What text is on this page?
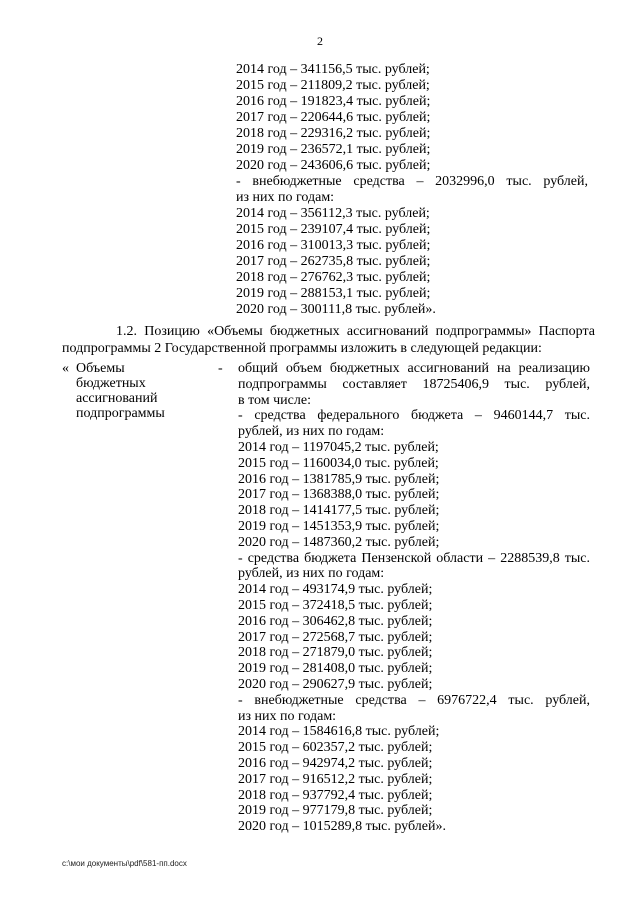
2
2014 год – 341156,5 тыс. рублей;
2015 год – 211809,2 тыс. рублей;
2016 год – 191823,4 тыс. рублей;
2017 год – 220644,6 тыс. рублей;
2018 год – 229316,2 тыс. рублей;
2019 год – 236572,1 тыс. рублей;
2020 год – 243606,6 тыс. рублей;
- внебюджетные средства – 2032996,0 тыс. рублей,
из них по годам:
2014 год – 356112,3 тыс. рублей;
2015 год – 239107,4 тыс. рублей;
2016 год – 310013,3 тыс. рублей;
2017 год – 262735,8 тыс. рублей;
2018 год – 276762,3 тыс. рублей;
2019 год – 288153,1 тыс. рублей;
2020 год – 300111,8 тыс. рублей».
1.2. Позицию «Объемы бюджетных ассигнований подпрограммы» Паспорта
подпрограммы 2 Государственной программы изложить в следующей редакции:
« Объемы
бюджетных
ассигнований
подпрограммы
- общий объем бюджетных ассигнований на реализацию
подпрограммы составляет 18725406,9 тыс. рублей,
в том числе:
- средства федерального бюджета – 9460144,7 тыс.
рублей, из них по годам:
2014 год – 1197045,2 тыс. рублей;
2015 год – 1160034,0 тыс. рублей;
2016 год – 1381785,9 тыс. рублей;
2017 год – 1368388,0 тыс. рублей;
2018 год – 1414177,5 тыс. рублей;
2019 год – 1451353,9 тыс. рублей;
2020 год – 1487360,2 тыс. рублей;
- средства бюджета Пензенской области – 2288539,8 тыс.
рублей, из них по годам:
2014 год – 493174,9 тыс. рублей;
2015 год – 372418,5 тыс. рублей;
2016 год – 306462,8 тыс. рублей;
2017 год – 272568,7 тыс. рублей;
2018 год – 271879,0 тыс. рублей;
2019 год – 281408,0 тыс. рублей;
2020 год – 290627,9 тыс. рублей;
- внебюджетные средства – 6976722,4 тыс. рублей,
из них по годам:
2014 год – 1584616,8 тыс. рублей;
2015 год – 602357,2 тыс. рублей;
2016 год – 942974,2 тыс. рублей;
2017 год – 916512,2 тыс. рублей;
2018 год – 937792,4 тыс. рублей;
2019 год – 977179,8 тыс. рублей;
2020 год – 1015289,8 тыс. рублей».
c:\мои документы\pdf\581-пп.docx
